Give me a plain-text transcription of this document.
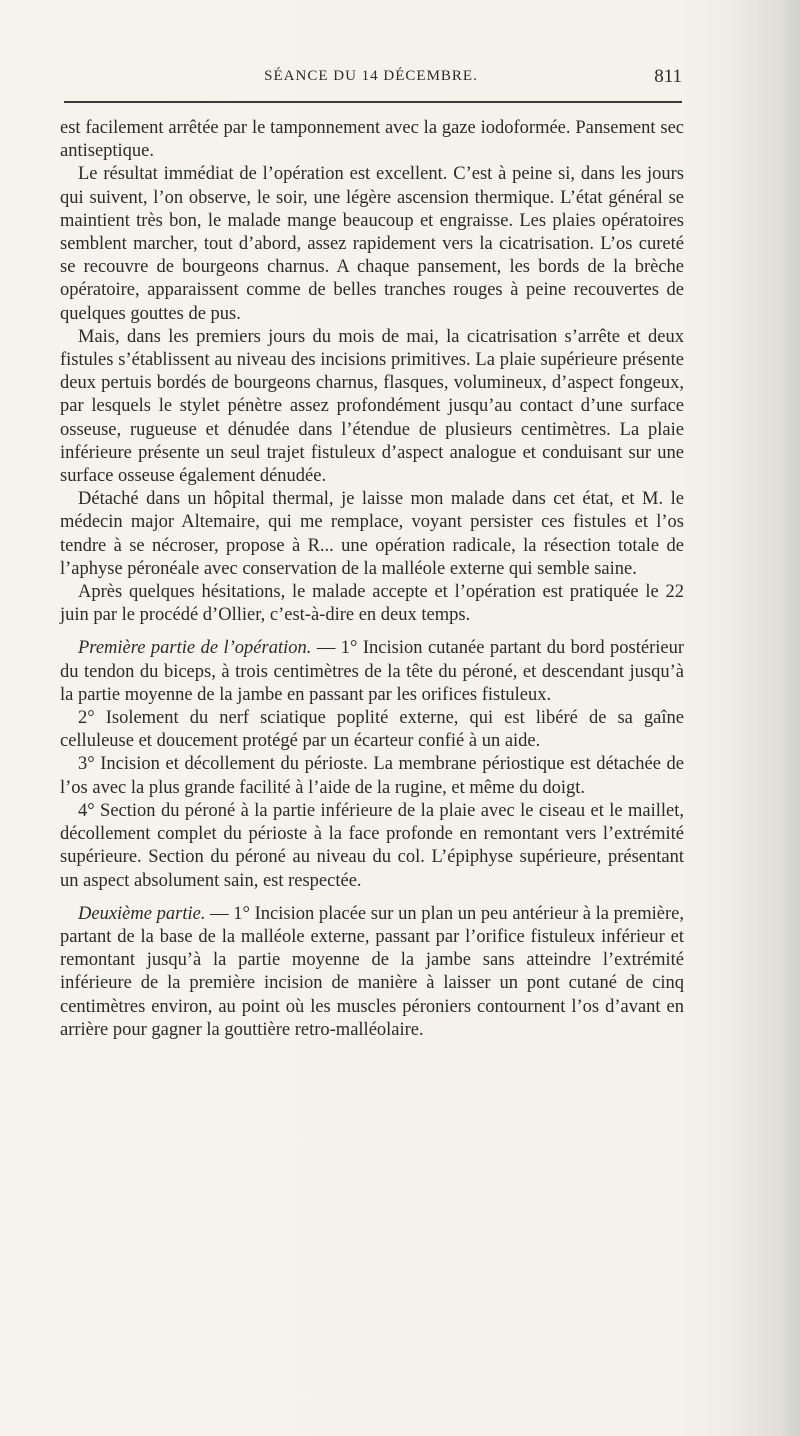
SÉANCE DU 14 DÉCEMBRE.	811

est facilement arrêtée par le tamponnement avec la gaze iodoformée. Pansement sec antiseptique.

Le résultat immédiat de l’opération est excellent. C’est à peine si, dans les jours qui suivent, l’on observe, le soir, une légère ascension thermique. L’état général se maintient très bon, le malade mange beaucoup et engraisse. Les plaies opératoires semblent marcher, tout d’abord, assez rapidement vers la cicatrisation. L’os cureté se recouvre de bourgeons charnus. A chaque pansement, les bords de la brèche opératoire, apparaissent comme de belles tranches rouges à peine recouvertes de quelques gouttes de pus.

Mais, dans les premiers jours du mois de mai, la cicatrisation s’arrête et deux fistules s’établissent au niveau des incisions primitives. La plaie supérieure présente deux pertuis bordés de bourgeons charnus, flasques, volumineux, d’aspect fongeux, par lesquels le stylet pénètre assez profondément jusqu’au contact d’une surface osseuse, rugueuse et dénudée dans l’étendue de plusieurs centimètres. La plaie inférieure présente un seul trajet fistuleux d’aspect analogue et conduisant sur une surface osseuse également dénudée.

Détaché dans un hôpital thermal, je laisse mon malade dans cet état, et M. le médecin major Altemaire, qui me remplace, voyant persister ces fistules et l’os tendre à se nécroser, propose à R... une opération radicale, la résection totale de l’aphyse péronéale avec conservation de la malléole externe qui semble saine.

Après quelques hésitations, le malade accepte et l’opération est pratiquée le 22 juin par le procédé d’Ollier, c’est-à-dire en deux temps.

Première partie de l’opération. — 1° Incision cutanée partant du bord postérieur du tendon du biceps, à trois centimètres de la tête du péroné, et descendant jusqu’à la partie moyenne de la jambe en passant par les orifices fistuleux.

2° Isolement du nerf sciatique poplité externe, qui est libéré de sa gaîne celluleuse et doucement protégé par un écarteur confié à un aide.

3° Incision et décollement du périoste. La membrane périostique est détachée de l’os avec la plus grande facilité à l’aide de la rugine, et même du doigt.

4° Section du péroné à la partie inférieure de la plaie avec le ciseau et le maillet, décollement complet du périoste à la face profonde en remontant vers l’extrémité supérieure. Section du péroné au niveau du col. L’épiphyse supérieure, présentant un aspect absolument sain, est respectée.

Deuxième partie. — 1° Incision placée sur un plan un peu antérieur à la première, partant de la base de la malléole externe, passant par l’orifice fistuleux inférieur et remontant jusqu’à la partie moyenne de la jambe sans atteindre l’extrémité inférieure de la première incision de manière à laisser un pont cutané de cinq centimètres environ, au point où les muscles péroniers contournent l’os d’avant en arrière pour gagner la gouttière retro-malléolaire.
